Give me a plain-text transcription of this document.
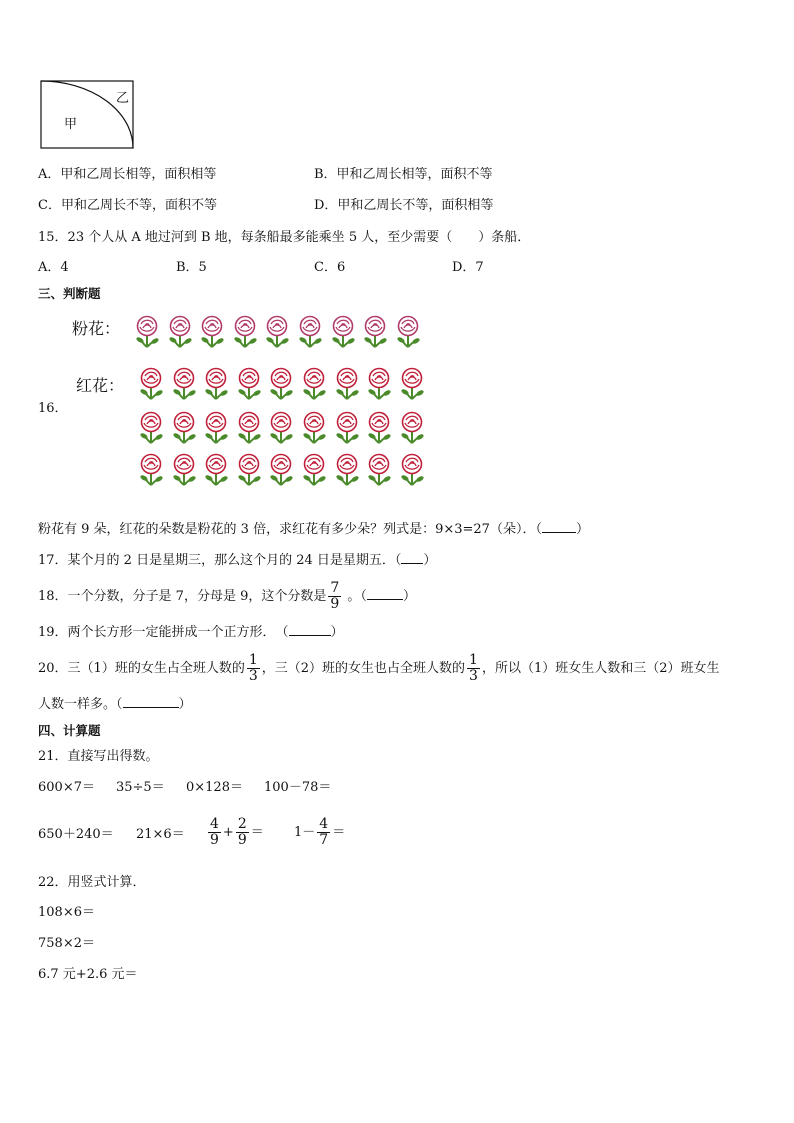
甲
乙
A．甲和乙周长相等，面积相等	B．甲和乙周长相等，面积不等
C．甲和乙周长不等，面积不等	D．甲和乙周长不等，面积相等
15．23 个人从 A 地过河到 B 地，每条船最多能乘坐 5 人，至少需要（　　）条船．
A．4	B．5	C．6	D．7
三、判断题
粉花：
红花：
16．
粉花有 9 朵，红花的朵数是粉花的 3 倍，求红花有多少朵？列式是：9×3=27（朵）．（	）
17．某个月的 2 日是星期三，那么这个月的 24 日是星期五．（ ）
18．一个分数，分子是 7，分母是 9，这个分数是 $\frac{7}{9}$ 。（	）
19．两个长方形一定能拼成一个正方形．　（	）
20．三（1）班的女生占全班人数的 $\frac{1}{3}$ ，三（2）班的女生也占全班人数的 $\frac{1}{3}$ ，所以（1）班女生人数和三（2）班女生
人数一样多。（	）
四、计算题
21．直接写出得数。
600×7＝ 35÷5＝ 0×128＝ 100－78＝
$650+240= 21\times 6= \frac{4}{9} + \frac{2}{9} = 1- \frac{4}{7}$ ＝
22．用竖式计算．
108×6＝
758×2＝
6.7 元+2.6 元＝
